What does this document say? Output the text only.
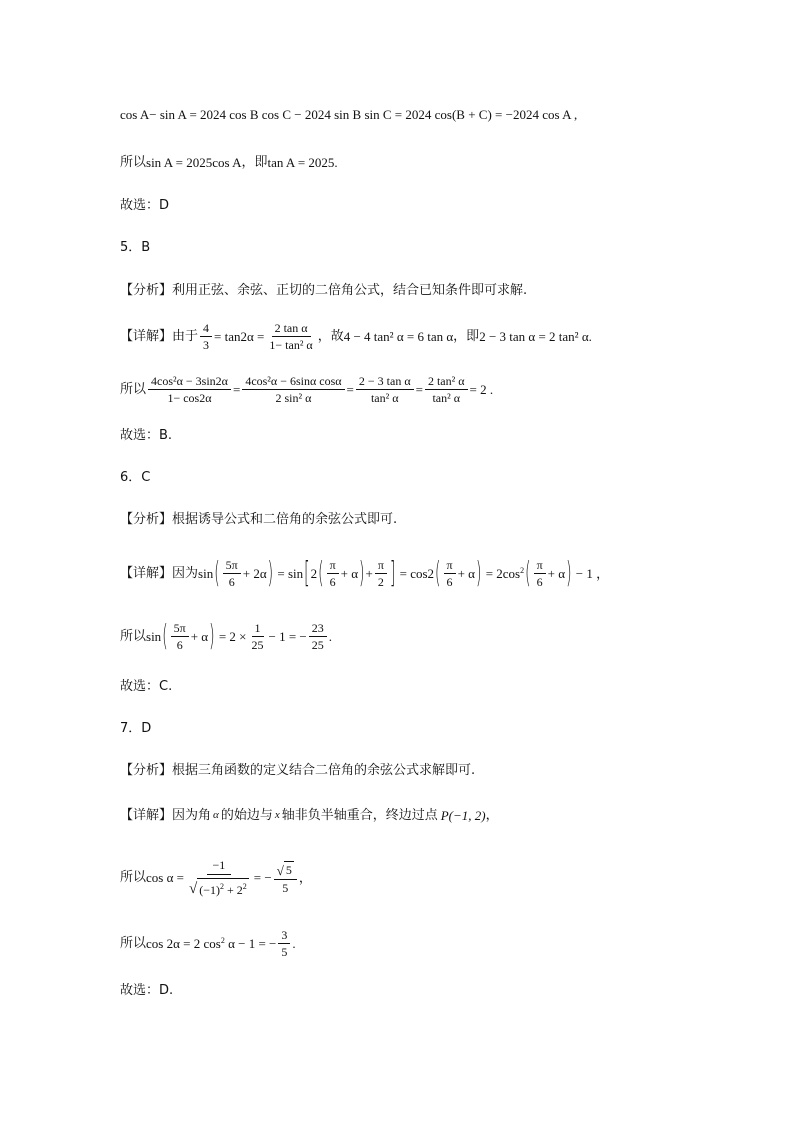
cos A− sin A = 2024 cos B cos C − 2024 sin B sin C = 2024 cos(B + C) = −2024 cos A ,
所以 sin A = 2025cos A ，即 tan A = 2025 .
故选：D
5．B
【分析】 利用正弦、余弦、正切的二倍角公式，结合已知条件即可求解.
【详解】 由于 $\frac{4}{3} = \tan 2\alpha = \frac{\text{2 tan α}}{\text{1− tan² α}}$ ，故 4 − 4 tan² α = 6 tan α ，即 2 − 3 tan α = 2 tan² α .
所以 $\frac{\text{4cos²α − 3sin2α}}{1- \cos 2\alpha} = \frac{\text{4cos²α − 6sinα cosα}}{\text{2 sin² α}} = \frac{\text{2 − 3 tan α}}{\text{tan² α}} = \frac{\text{2 tan² α}}{\text{tan² α}} = 2$ .
故选：B.
6．C
【分析】 根据诱导公式和二倍角的余弦公式即可.
【详解】 因为 sin ( $\frac{5\pi}{6} + 2\alpha$ ) = sin [ 2 ( $\frac{\pi}{6} + \alpha$ ) + $\frac{\pi}{2}$ ] = cos2 ( $\frac{\pi}{6} + \alpha$ ) = $2\cos^2$ ( $\frac{\pi}{6} + \alpha$ ) − 1 ，
所以 sin ( $\frac{5\pi}{6} + \alpha$ ) = $2 \times \frac{1}{25} - 1$ = − $\frac{23}{25}$ .
故选：C.
7．D
【分析】 根据三角函数的定义结合二倍角的余弦公式求解即可.
【详解】 因为角 α 的始边与 x 轴非负半轴重合，终边过点 P(−1, 2) ，
所以 $\cos \alpha = \frac{-1}{√ (-1)^2 + 2^2}$ = − $\frac{√ 5}{5}$ ，
所以 cos 2α = 2 $\cos^2 \alpha - 1$ = − $\frac{3}{5}$ .
故选：D.
